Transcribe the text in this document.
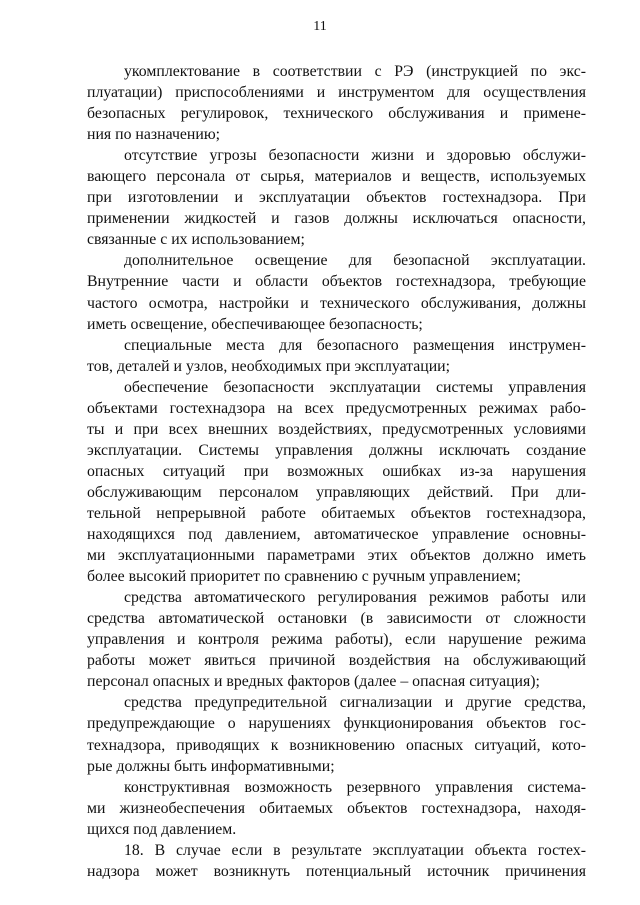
11
укомплектование в соответствии с РЭ (инструкцией по экс-
плуатации) приспособлениями и инструментом для осуществления
безопасных регулировок, технического обслуживания и примене-
ния по назначению;
отсутствие угрозы безопасности жизни и здоровью обслужи-
вающего персонала от сырья, материалов и веществ, используемых
при изготовлении и эксплуатации объектов гостехнадзора. При
применении жидкостей и газов должны исключаться опасности,
связанные с их использованием;
дополнительное освещение для безопасной эксплуатации.
Внутренние части и области объектов гостехнадзора, требующие
частого осмотра, настройки и технического обслуживания, должны
иметь освещение, обеспечивающее безопасность;
специальные места для безопасного размещения инструмен-
тов, деталей и узлов, необходимых при эксплуатации;
обеспечение безопасности эксплуатации системы управления
объектами гостехнадзора на всех предусмотренных режимах рабо-
ты и при всех внешних воздействиях, предусмотренных условиями
эксплуатации. Системы управления должны исключать создание
опасных ситуаций при возможных ошибках из-за нарушения
обслуживающим персоналом управляющих действий. При дли-
тельной непрерывной работе обитаемых объектов гостехнадзора,
находящихся под давлением, автоматическое управление основны-
ми эксплуатационными параметрами этих объектов должно иметь
более высокий приоритет по сравнению с ручным управлением;
средства автоматического регулирования режимов работы или
средства автоматической остановки (в зависимости от сложности
управления и контроля режима работы), если нарушение режима
работы может явиться причиной воздействия на обслуживающий
персонал опасных и вредных факторов (далее – опасная ситуация);
средства предупредительной сигнализации и другие средства,
предупреждающие о нарушениях функционирования объектов гос-
технадзора, приводящих к возникновению опасных ситуаций, кото-
рые должны быть информативными;
конструктивная возможность резервного управления система-
ми жизнеобеспечения обитаемых объектов гостехнадзора, находя-
щихся под давлением.
18. В случае если в результате эксплуатации объекта гостех-
надзора может возникнуть потенциальный источник причинения
